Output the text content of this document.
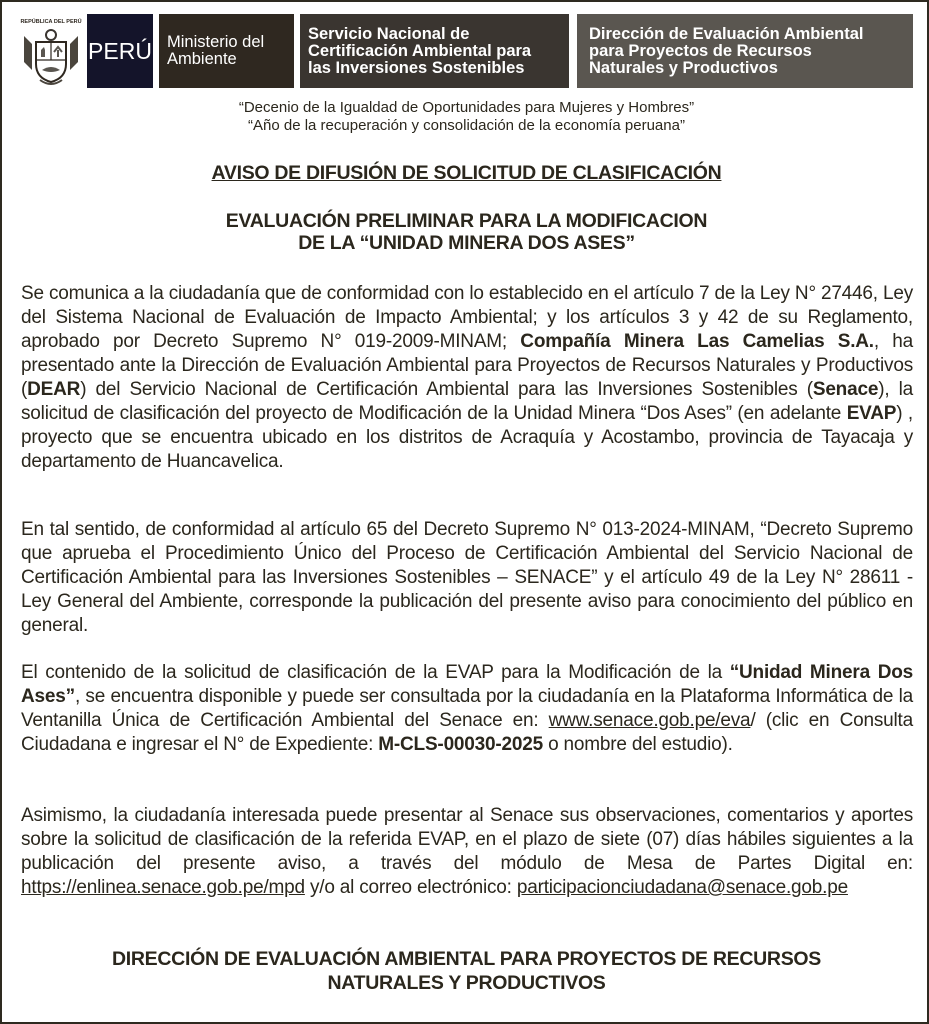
REPÚBLICA DEL PERÚ
PERÚ Ministerio del
Ambiente
Servicio Nacional de
Certificación Ambiental para
las Inversiones Sostenibles
Dirección de Evaluación Ambiental
para Proyectos de Recursos
Naturales y Productivos
“Decenio de la Igualdad de Oportunidades para Mujeres y Hombres”
“Año de la recuperación y consolidación de la economía peruana”
AVISO DE DIFUSIÓN DE SOLICITUD DE CLASIFICACIÓN
EVALUACIÓN PRELIMINAR PARA LA MODIFICACION
DE LA “UNIDAD MINERA DOS ASES”
Se comunica a la ciudadanía que de conformidad con lo establecido en el artículo 7 de la Ley N° 27446, Ley del Sistema Nacional de Evaluación de Impacto Ambiental; y los artículos 3 y 42 de su Reglamento, aprobado por Decreto Supremo N° 019-2009-MINAM; Compañía Minera Las Camelias S.A., ha presentado ante la Dirección de Evaluación Ambiental para Proyectos de Recursos Naturales y Productivos (DEAR) del Servicio Nacional de Certificación Ambiental para las Inversiones Sostenibles (Senace), la solicitud de clasificación del proyecto de Modificación de la Unidad Minera “Dos Ases” (en adelante EVAP) , proyecto que se encuentra ubicado en los distritos de Acraquía y Acostambo, provincia de Tayacaja y departamento de Huancavelica.
En tal sentido, de conformidad al artículo 65 del Decreto Supremo N° 013-2024-MINAM, “Decreto Supremo que aprueba el Procedimiento Único del Proceso de Certificación Ambiental del Servicio Nacional de Certificación Ambiental para las Inversiones Sostenibles – SENACE” y el artículo 49 de la Ley N° 28611 - Ley General del Ambiente, corresponde la publicación del presente aviso para conocimiento del público en general.
El contenido de la solicitud de clasificación de la EVAP para la Modificación de la “Unidad Minera Dos Ases”, se encuentra disponible y puede ser consultada por la ciudadanía en la Plataforma Informática de la Ventanilla Única de Certificación Ambiental del Senace en: www.senace.gob.pe/eva/ (clic en Consulta Ciudadana e ingresar el N° de Expediente: M-CLS-00030-2025 o nombre del estudio).
Asimismo, la ciudadanía interesada puede presentar al Senace sus observaciones, comentarios y aportes sobre la solicitud de clasificación de la referida EVAP, en el plazo de siete (07) días hábiles siguientes a la publicación del presente aviso, a través del módulo de Mesa de Partes Digital en: https://enlinea.senace.gob.pe/mpd y/o al correo electrónico: participacionciudadana@senace.gob.pe
DIRECCIÓN DE EVALUACIÓN AMBIENTAL PARA PROYECTOS DE RECURSOS
NATURALES Y PRODUCTIVOS
